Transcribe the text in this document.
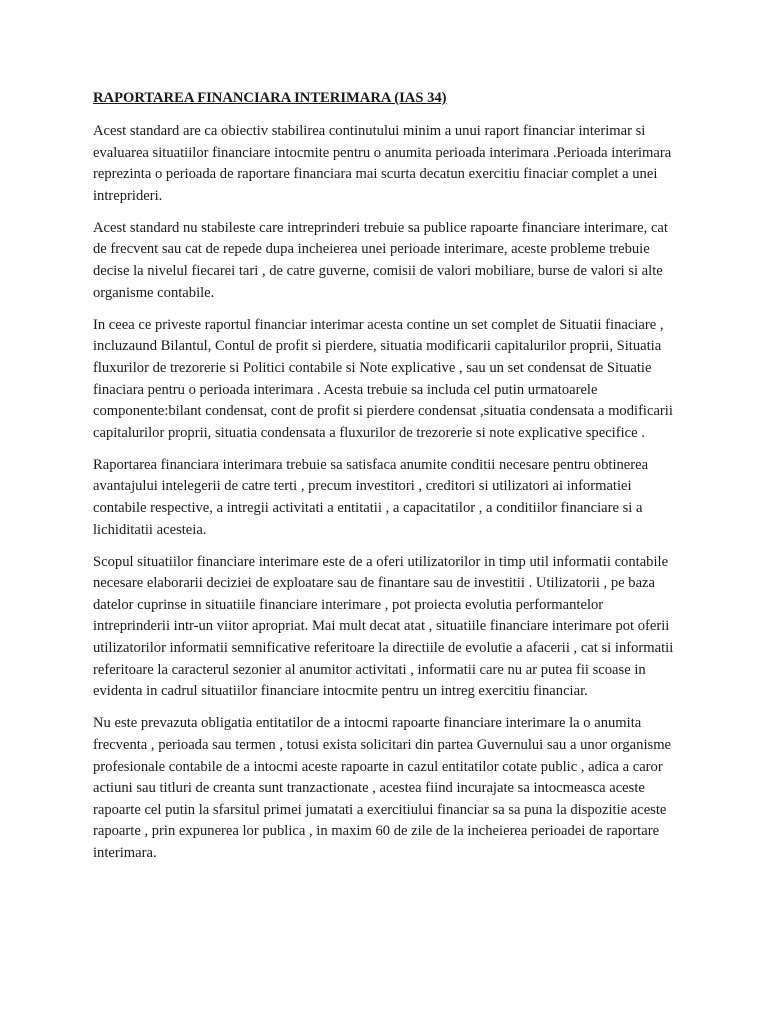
RAPORTAREA FINANCIARA INTERIMARA (IAS 34)

Acest standard are ca obiectiv stabilirea continutului minim a unui raport financiar interimar si evaluarea situatiilor financiare intocmite pentru o anumita perioada interimara .Perioada interimara reprezinta o perioada de raportare financiara mai scurta decatun exercitiu finaciar complet a unei intreprideri.

Acest standard nu stabileste care intreprinderi trebuie sa publice rapoarte financiare interimare, cat de frecvent sau cat de repede dupa incheierea unei perioade interimare, aceste probleme trebuie decise la nivelul fiecarei tari , de catre guverne, comisii de valori mobiliare, burse de valori si alte organisme contabile.

In ceea ce priveste raportul financiar interimar acesta contine un set complet de Situatii finaciare , incluzaund Bilantul, Contul de profit si pierdere, situatia modificarii capitalurilor proprii, Situatia fluxurilor de trezorerie si Politici contabile si Note explicative , sau un set condensat de Situatie finaciara pentru o perioada interimara . Acesta trebuie sa includa cel putin urmatoarele componente:bilant condensat, cont de profit si pierdere condensat ,situatia condensata a modificarii capitalurilor proprii, situatia condensata a fluxurilor de trezorerie si note explicative specifice .

Raportarea financiara interimara trebuie sa satisfaca anumite conditii necesare pentru obtinerea avantajului intelegerii de catre terti , precum investitori , creditori si utilizatori ai informatiei contabile respective, a intregii activitati a entitatii , a capacitatilor , a conditiilor financiare si a lichiditatii acesteia.

Scopul situatiilor financiare interimare este de a oferi utilizatorilor in timp util informatii contabile necesare elaborarii deciziei de exploatare sau de finantare sau de investitii . Utilizatorii , pe baza datelor cuprinse in situatiile financiare interimare , pot proiecta evolutia performantelor intreprinderii intr-un viitor apropriat. Mai mult decat atat , situatiile financiare interimare pot oferii utilizatorilor informatii semnificative referitoare la directiile de evolutie a afacerii , cat si informatii referitoare la caracterul sezonier al anumitor activitati , informatii care nu ar putea fii scoase in evidenta in cadrul situatiilor financiare intocmite pentru un intreg exercitiu financiar.

Nu este prevazuta obligatia entitatilor de a intocmi rapoarte financiare interimare la o anumita frecventa , perioada sau termen , totusi exista solicitari din partea Guvernului sau a unor organisme profesionale contabile de a intocmi aceste rapoarte in cazul entitatilor cotate public , adica a caror actiuni sau titluri de creanta sunt tranzactionate , acestea fiind incurajate sa intocmeasca aceste rapoarte cel putin la sfarsitul primei jumatati a exercitiului financiar sa sa puna la dispozitie aceste rapoarte , prin expunerea lor publica , in maxim 60 de zile de la incheierea perioadei de raportare interimara.
